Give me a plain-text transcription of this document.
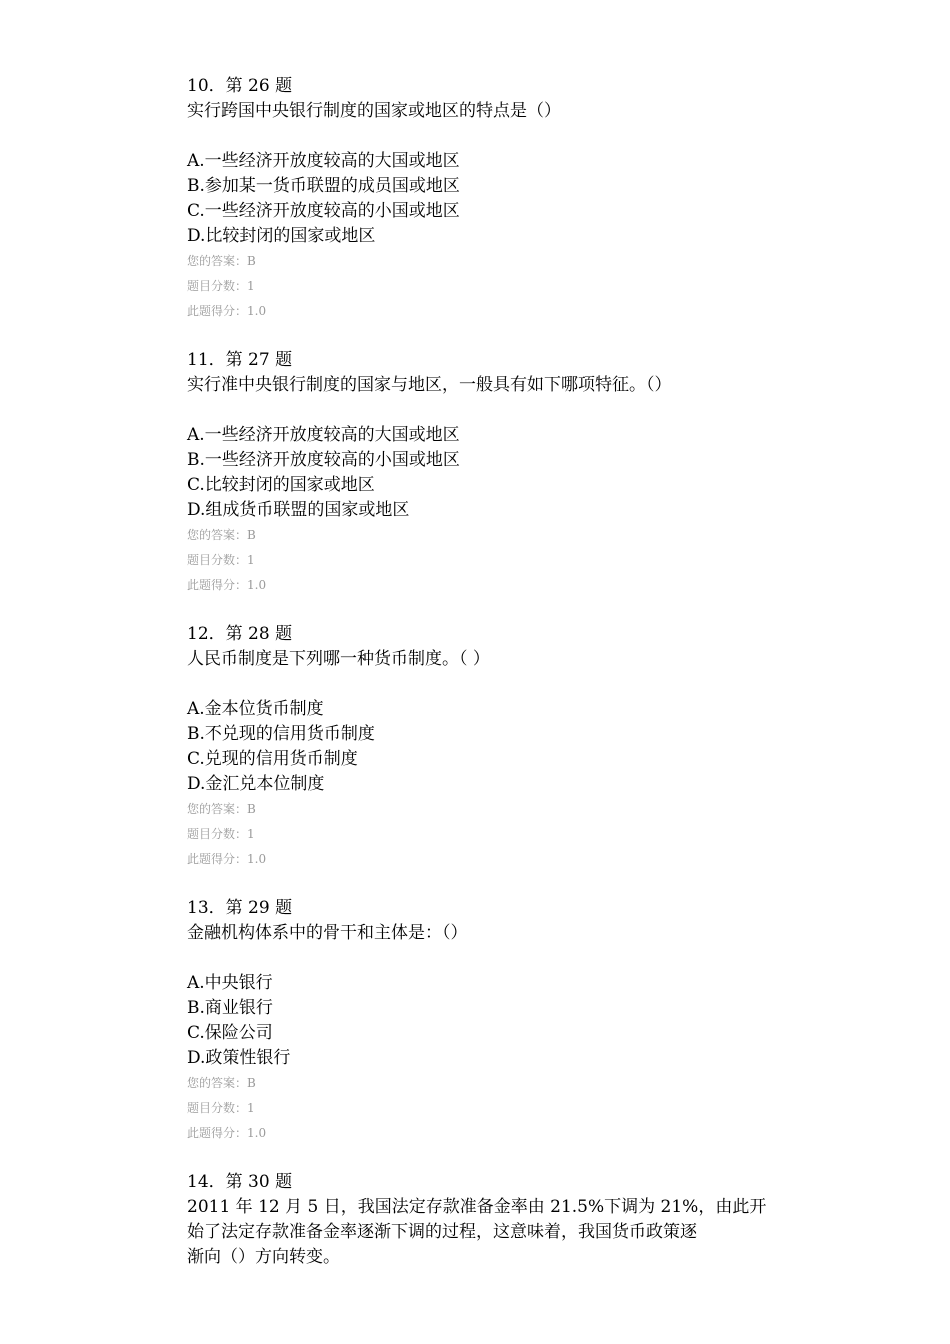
10．第 26 题
实行跨国中央银行制度的国家或地区的特点是（）
A.一些经济开放度较高的大国或地区
B.参加某一货币联盟的成员国或地区
C.一些经济开放度较高的小国或地区
D.比较封闭的国家或地区
您的答案：B
题目分数：1
此题得分：1.0
11．第 27 题
实行准中央银行制度的国家与地区，一般具有如下哪项特征。（）
A.一些经济开放度较高的大国或地区
B.一些经济开放度较高的小国或地区
C.比较封闭的国家或地区
D.组成货币联盟的国家或地区
您的答案：B
题目分数：1
此题得分：1.0
12．第 28 题
人民币制度是下列哪一种货币制度。（ ）
A.金本位货币制度
B.不兑现的信用货币制度
C.兑现的信用货币制度
D.金汇兑本位制度
您的答案：B
题目分数：1
此题得分：1.0
13．第 29 题
金融机构体系中的骨干和主体是：（）
A.中央银行
B.商业银行
C.保险公司
D.政策性银行
您的答案：B
题目分数：1
此题得分：1.0
14．第 30 题
2011 年 12 月 5 日，我国法定存款准备金率由 21.5%下调为 21%，由此开
始了法定存款准备金率逐渐下调的过程，这意味着，我国货币政策逐
渐向（）方向转变。
